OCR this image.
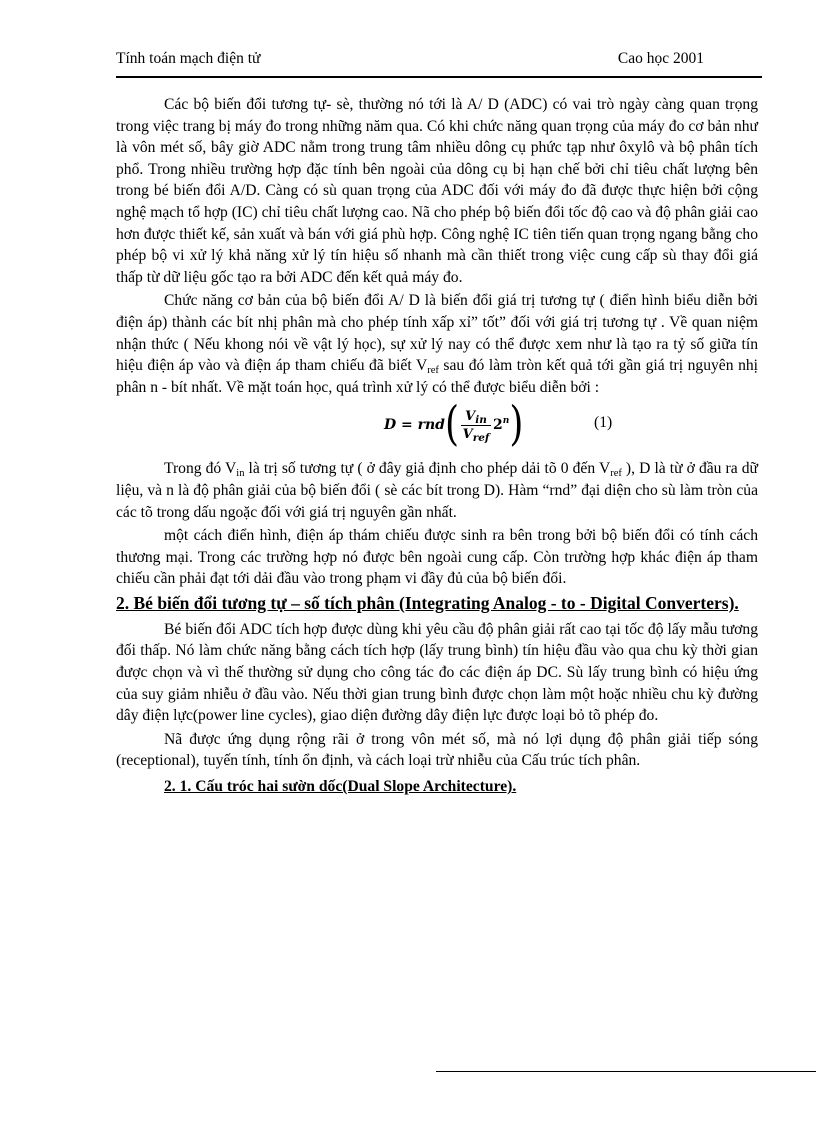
Tính toán mạch điện tử	Cao học 2001

Các bộ biến đổi tương tự- sè, thường nó tới là A/ D (ADC) có vai trò ngày càng quan trọng trong việc trang bị máy đo trong những năm qua. Có khi chức năng quan trọng của máy đo cơ bản như là vôn mét số, bây giờ ADC nằm trong trung tâm nhiều dông cụ phức tạp như ôxylô và bộ phân tích phổ. Trong nhiều trường hợp đặc tính bên ngoài của dông cụ bị hạn chế bởi chỉ tiêu chất lượng bên trong bé biến đổi A/D. Càng có sù quan trọng của ADC đối với máy đo đã được thực hiện bởi cộng nghệ mạch tổ hợp (IC) chỉ tiêu chất lượng cao. Nã cho phép bộ biến đổi tốc độ cao và độ phân giải cao hơn được thiết kế, sản xuất và bán với giá phù hợp. Công nghệ IC tiên tiến quan trọng ngang bằng cho phép bộ vi xử lý khả năng xử lý tín hiệu số nhanh mà cần thiết trong việc cung cấp sù thay đổi giá thấp từ dữ liệu gốc tạo ra bởi ADC đến kết quả máy đo.

Chức năng cơ bản của bộ biến đổi A/ D là biến đổi giá trị tương tự ( điển hình biểu diễn bởi điện áp) thành các bít nhị phân mà cho phép tính xấp xỉ” tốt” đối với giá trị tương tự . Về quan niệm nhận thức ( Nếu khong nói về vật lý học), sự xử lý nay có thể được xem như là tạo ra tỷ số giữa tín hiệu điện áp vào và điện áp tham chiếu đã biết $V_{ref}$ sau đó làm tròn kết quả tới gần giá trị nguyên nhị phân n - bít nhất. Về mặt toán học, quá trình xử lý có thể được biểu diễn bởi :

D = rnd ( $\frac{V_{in}}{V_{ref}} 2^n$ )	(1)

Trong đó $V_{in}$ là trị số tương tự ( ở đây giả định cho phép dải tõ 0 đến $V_{ref}$ ), D là từ ở đầu ra dữ liệu, và n là độ phân giải của bộ biến đổi ( sè các bít trong D). Hàm “rnd” đại diện cho sù làm tròn của các tõ trong dấu ngoặc đối với giá trị nguyên gần nhất.

một cách điển hình, điện áp thám chiếu được sinh ra bên trong bởi bộ biến đổi có tính cách thương mại. Trong các trường hợp nó được bên ngoài cung cấp. Còn trường hợp khác điện áp tham chiếu cần phải đạt tới dải đầu vào trong phạm vi đầy đủ của bộ biến đổi.

2. Bé biến đổi tương tự – số tích phân (Integrating Analog - to - Digital Converters).

Bé biến đổi ADC tích hợp được dùng khi yêu cầu độ phân giải rất cao tại tốc độ lấy mẫu tương đối thấp. Nó làm chức năng bằng cách tích hợp (lấy trung bình) tín hiệu đầu vào qua chu kỳ thời gian được chọn và vì thế thường sử dụng cho công tác đo các điện áp DC. Sù lấy trung bình có hiệu ứng của suy giảm nhiễu ở đầu vào. Nếu thời gian trung bình được chọn làm một hoặc nhiều chu kỳ đường dây điện lực(power line cycles), giao diện đường dây điện lực được loại bỏ tõ phép đo.

Nã được ứng dụng rộng rãi ở trong vôn mét số, mà nó lợi dụng độ phân giải tiếp sóng (receptional), tuyến tính, tính ổn định, và cách loại trừ nhiễu của Cấu trúc tích phân.

2. 1. Cấu tróc hai sườn dốc(Dual Slope Architecture).
